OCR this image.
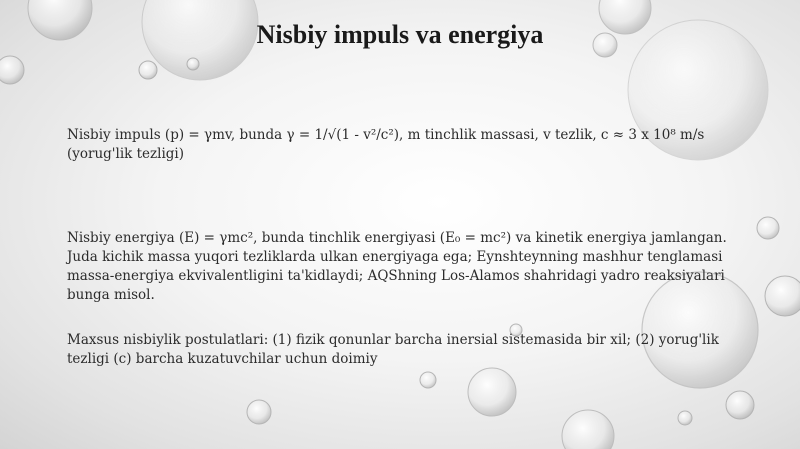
Nisbiy impuls va energiya
Nisbiy impuls (p) = γmv, bunda γ = 1/√(1 - v²/c²), m tinchlik massasi, v tezlik, c ≈ 3 x 10⁸ m/s (yorug'lik tezligi)
Nisbiy energiya (E) = γmc², bunda tinchlik energiyasi (E₀ = mc²) va kinetik energiya jamlangan. Juda kichik massa yuqori tezliklarda ulkan energiyaga ega; Eynshteynning mashhur tenglamasi massa-energiya ekvivalentligini ta'kidlaydi; AQShning Los-Alamos shahridagi yadro reaksiyalari bunga misol.
Maxsus nisbiylik postulatlari: (1) fizik qonunlar barcha inersial sistemasida bir xil; (2) yorug'lik tezligi (c) barcha kuzatuvchilar uchun doimiy
